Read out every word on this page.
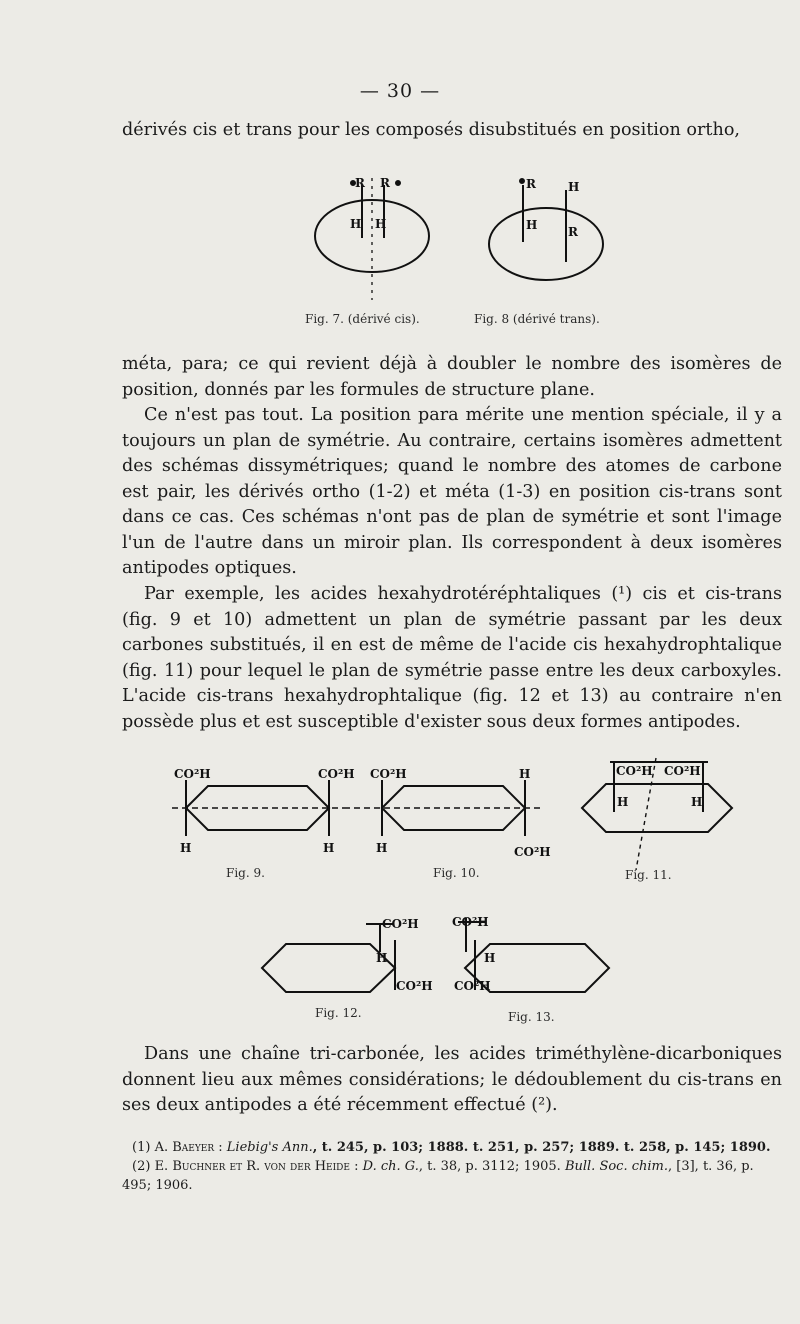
— 30 —

dérivés cis et trans pour les composés disubstitués en position ortho,

R R
H H
R	H
H	R
Fig. 7. (dérivé cis).	Fig. 8 (dérivé trans).

méta, para; ce qui revient déjà à doubler le nombre des isomères de position, donnés par les formules de structure plane.

Ce n'est pas tout. La position para mérite une mention spéciale, il y a toujours un plan de symétrie. Au contraire, certains isomères admettent des schémas dissymétriques; quand le nombre des atomes de carbone est pair, les dérivés ortho (1-2) et méta (1-3) en position cis-trans sont dans ce cas. Ces schémas n'ont pas de plan de symétrie et sont l'image l'un de l'autre dans un miroir plan. Ils correspondent à deux isomères antipodes optiques.

Par exemple, les acides hexahydrotéréphtaliques (¹) cis et cis-trans (fig. 9 et 10) admettent un plan de symétrie passant par les deux carbones substitués, il en est de même de l'acide cis hexahydrophtalique (fig. 11) pour lequel le plan de symétrie passe entre les deux carboxyles. L'acide cis-trans hexahydrophtalique (fig. 12 et 13) au contraire n'en possède plus et est susceptible d'exister sous deux formes antipodes.

CO²H	CO²H
H	H
CO²H	H
H	CO²H
CO²H CO²H
H	H
Fig. 9.	Fig. 10.	Fig. 11.
CO²H
H
CO²H
CO²H
H
CO²H
Fig. 12.	Fig. 13.

Dans une chaîne tri-carbonée, les acides triméthylène-dicarboniques donnent lieu aux mêmes considérations; le dédoublement du cis-trans en ses deux antipodes a été récemment effectué (²).

(1) A. Baeyer : Liebig's Ann., t. 245, p. 103; 1888. t. 251, p. 257; 1889. t. 258, p. 145; 1890.

(2) E. Buchner et R. von der Heide : D. ch. G., t. 38, p. 3112; 1905. Bull. Soc. chim., [3], t. 36, p. 495; 1906.
